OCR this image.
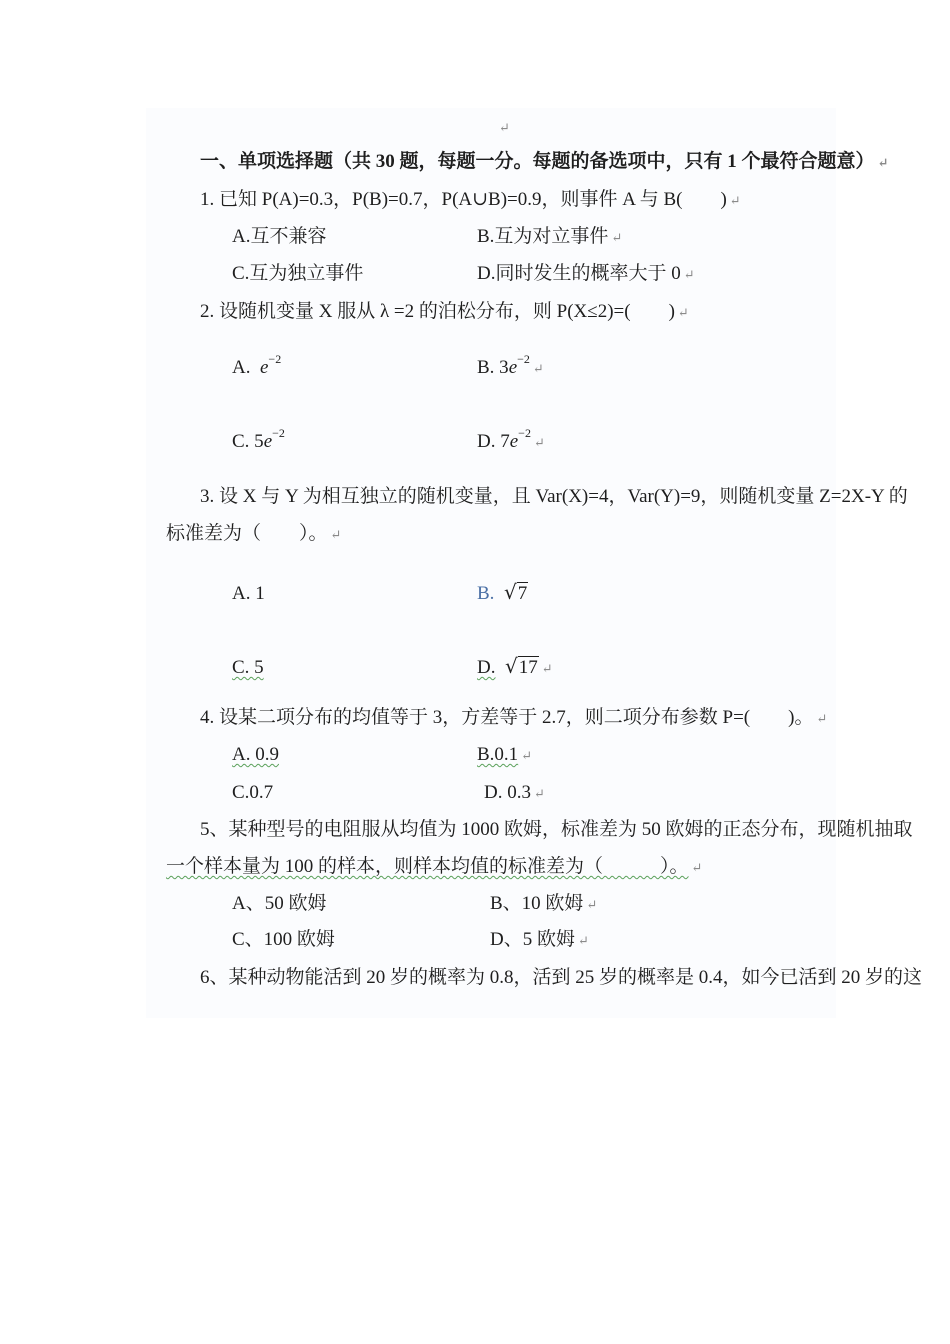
↵
一、单项选择题（共 30 题，每题一分。每题的备选项中，只有 1 个最符合题意） ↵
1. 已知 P(A)=0.3，P(B)=0.7，P(A∪B)=0.9，则事件 A 与 B(　　) ↵
A.互不兼容	B.互为对立事件 ↵
C.互为独立事件	D.同时发生的概率大于 0 ↵
2. 设随机变量 X 服从 λ =2 的泊松分布，则 P(X≤2)=(　　) ↵
A. $e^{-2}$	B. $3e^{-2}↵$
C. $5e^{-2}$	D. $7e^{-2}↵$
3. 设 X 与 Y 为相互独立的随机变量，且 Var(X)=4，Var(Y)=9，则随机变量 Z=2X-Y 的
标准差为（　　）。 ↵
A. 1	B. √7
C. 5	D. √17 ↵
4. 设某二项分布的均值等于 3，方差等于 2.7，则二项分布参数 P=(　　)。 ↵
A. 0.9	B.0.1 ↵
C.0.7	D. 0.3 ↵
5、某种型号的电阻服从均值为 1000 欧姆，标准差为 50 欧姆的正态分布，现随机抽取
一个样本量为 100 的样本，则样本均值的标准差为（　　　）。 ↵
A、50 欧姆	B、10 欧姆 ↵
C、100 欧姆	D、5 欧姆 ↵
6、某种动物能活到 20 岁的概率为 0.8，活到 25 岁的概率是 0.4，如今已活到 20 岁的这
